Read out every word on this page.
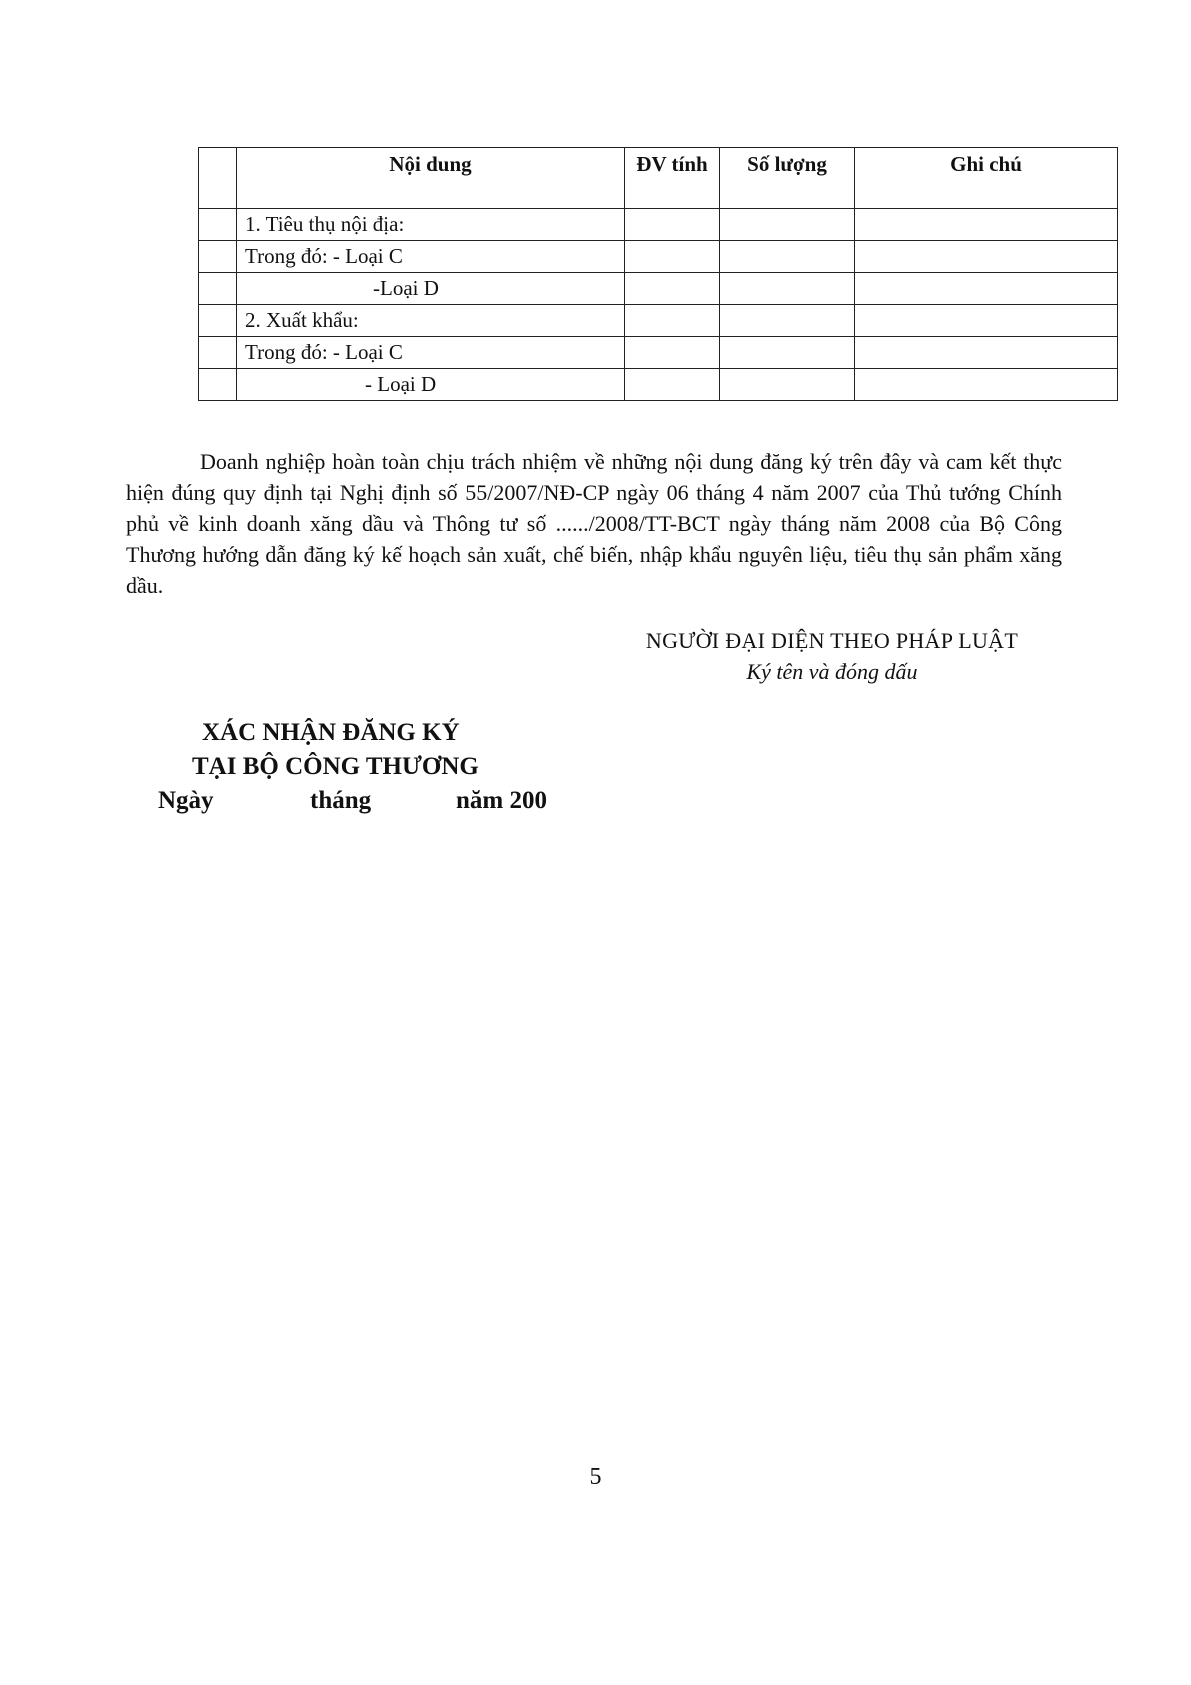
	Nội dung	ĐV tính	Số lượng	Ghi chú
	1. Tiêu thụ nội địa:			
	Trong đó: - Loại C			
	-Loại D			
	2. Xuất khẩu:			
	Trong đó: - Loại C			
	- Loại D			

Doanh nghiệp hoàn toàn chịu trách nhiệm về những nội dung đăng ký trên đây và cam kết thực hiện đúng quy định tại Nghị định số 55/2007/NĐ-CP ngày 06 tháng 4 năm 2007 của Thủ tướng Chính phủ về kinh doanh xăng dầu và Thông tư số ....../2008/TT-BCT ngày tháng năm 2008 của Bộ Công Thương hướng dẫn đăng ký kế hoạch sản xuất, chế biến, nhập khẩu nguyên liệu, tiêu thụ sản phẩm xăng dầu.

NGƯỜI ĐẠI DIỆN THEO PHÁP LUẬT
Ký tên và đóng dấu
XÁC NHẬN ĐĂNG KÝ
TẠI BỘ CÔNG THƯƠNG
Ngày	tháng	năm 200
5
